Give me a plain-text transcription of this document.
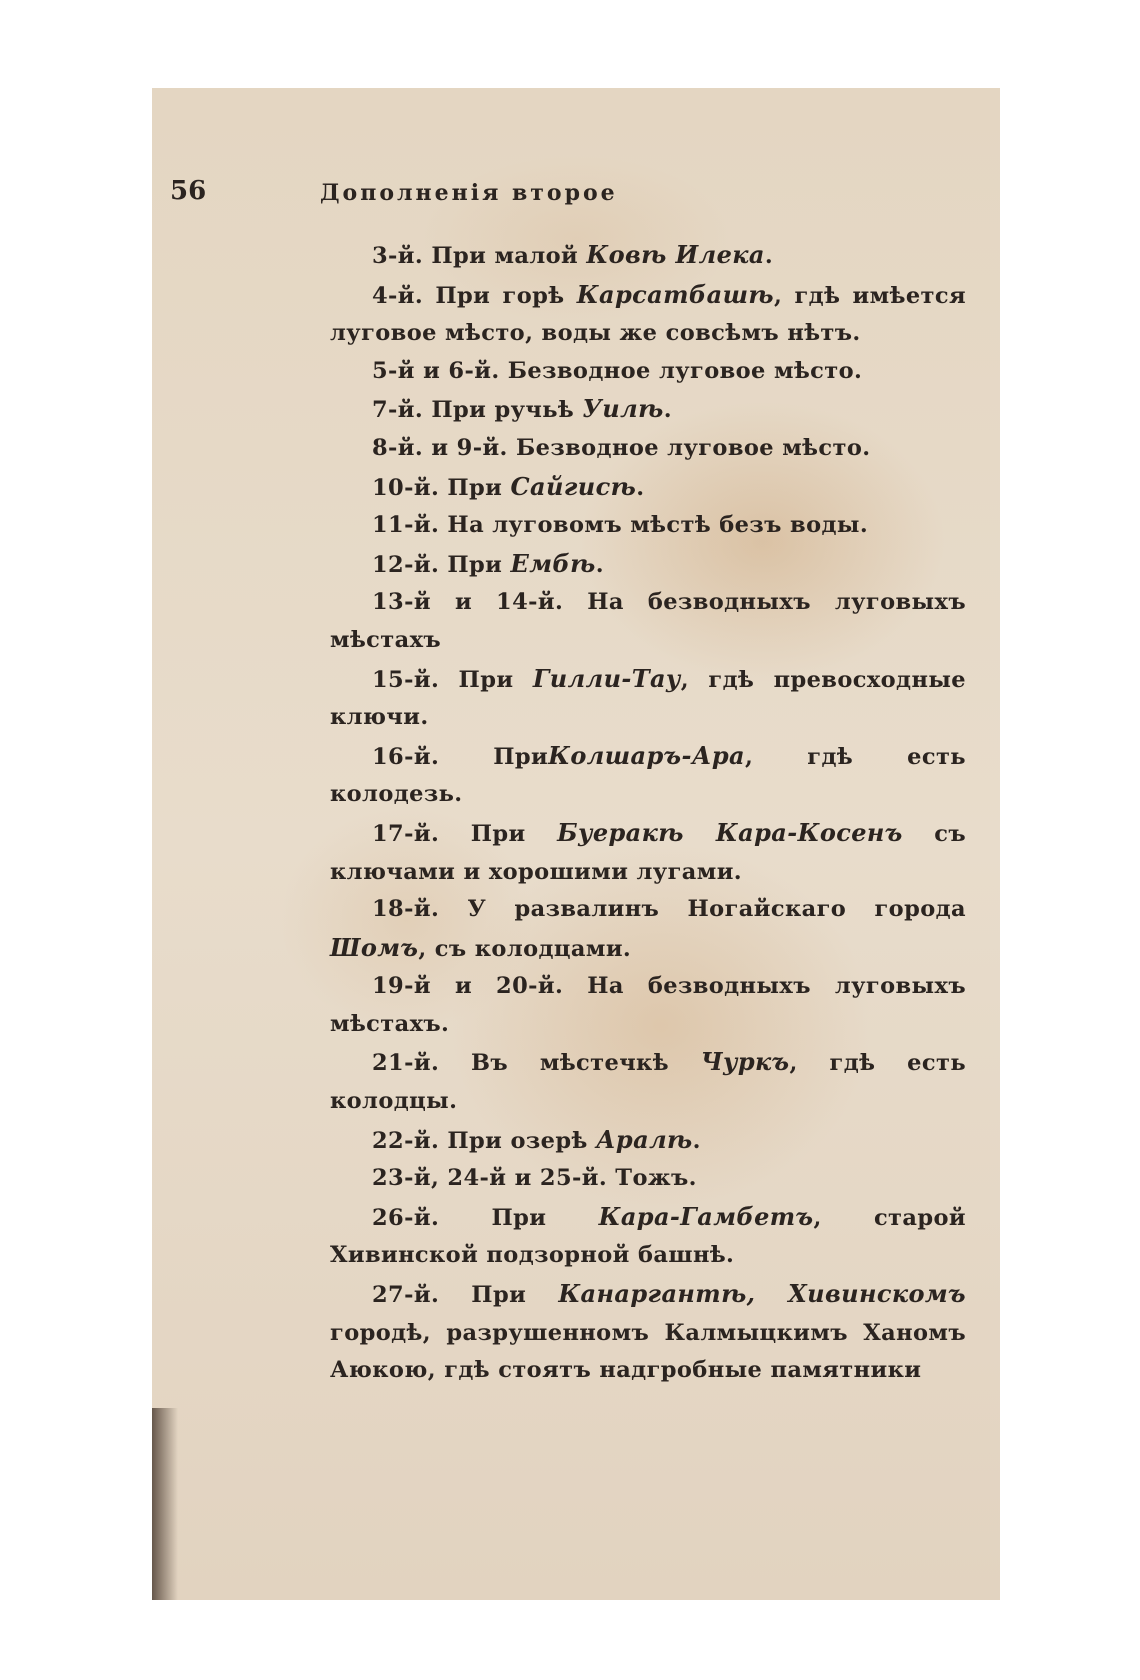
56	Дополненiя второе

3-й. При малой Ковѣ Илека.

4-й. При горѣ Карсатбашѣ, гдѣ имѣется луговое мѣсто, воды же совсѣмъ нѣтъ.

5-й и 6-й. Безводное луговое мѣсто.

7-й. При ручьѣ Уилѣ.

8-й. и 9-й. Безводное луговое мѣсто.

10-й. При Сайгисѣ.

11-й. На луговомъ мѣстѣ безъ воды.

12-й. При Ембѣ.

13-й и 14-й. На безводныхъ луговыхъ мѣстахъ

15-й. При Гилли-Тау, гдѣ превосходные ключи.

16-й. ПриКолшаръ-Ара, гдѣ есть колодезь.

17-й. При Буеракѣ Кара-Косенъ съ ключами и хорошими лугами.

18-й. У развалинъ Ногайскаго города Шомъ, съ колодцами.

19-й и 20-й. На безводныхъ луговыхъ мѣстахъ.

21-й. Въ мѣстечкѣ Чуркъ, гдѣ есть колодцы.

22-й. При озерѣ Аралѣ.

23-й, 24-й и 25-й. Тожъ.

26-й. При Кара-Гамбетъ, старой Хивинской подзорной башнѣ.

27-й. При Канаргантѣ, Хивинскомъ городѣ, разрушенномъ Калмыцкимъ Ханомъ Аюкою, гдѣ стоятъ надгробные памятники
